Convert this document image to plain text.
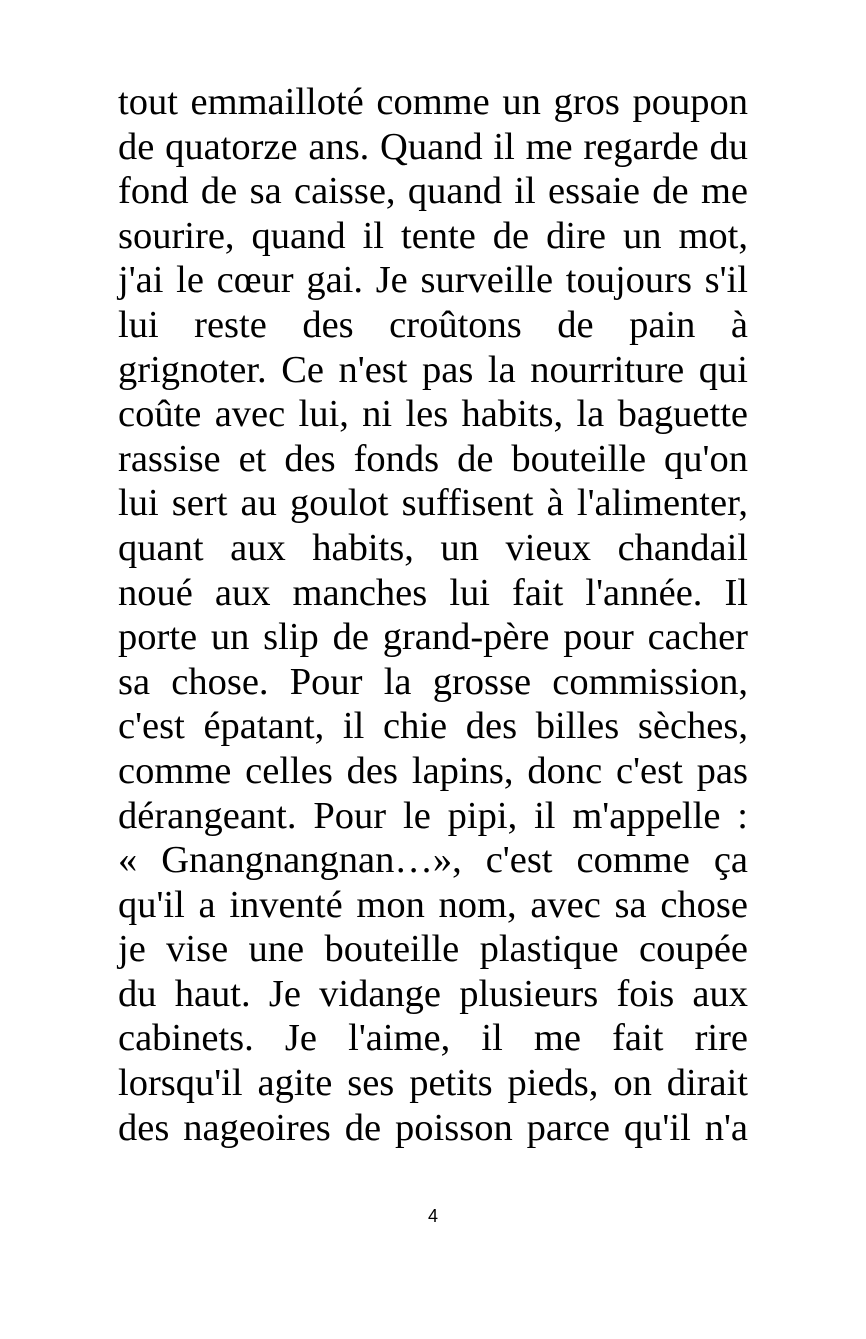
tout emmailloté comme un gros poupon
de quatorze ans. Quand il me regarde du
fond de sa caisse, quand il essaie de me
sourire, quand il tente de dire un mot,
j'ai le cœur gai. Je surveille toujours s'il
lui reste des croûtons de pain à
grignoter. Ce n'est pas la nourriture qui
coûte avec lui, ni les habits, la baguette
rassise et des fonds de bouteille qu'on
lui sert au goulot suffisent à l'alimenter,
quant aux habits, un vieux chandail
noué aux manches lui fait l'année. Il
porte un slip de grand-père pour cacher
sa chose. Pour la grosse commission,
c'est épatant, il chie des billes sèches,
comme celles des lapins, donc c'est pas
dérangeant. Pour le pipi, il m'appelle :
« Gnangnangnan…», c'est comme ça
qu'il a inventé mon nom, avec sa chose
je vise une bouteille plastique coupée
du haut. Je vidange plusieurs fois aux
cabinets. Je l'aime, il me fait rire
lorsqu'il agite ses petits pieds, on dirait
des nageoires de poisson parce qu'il n'a
4
